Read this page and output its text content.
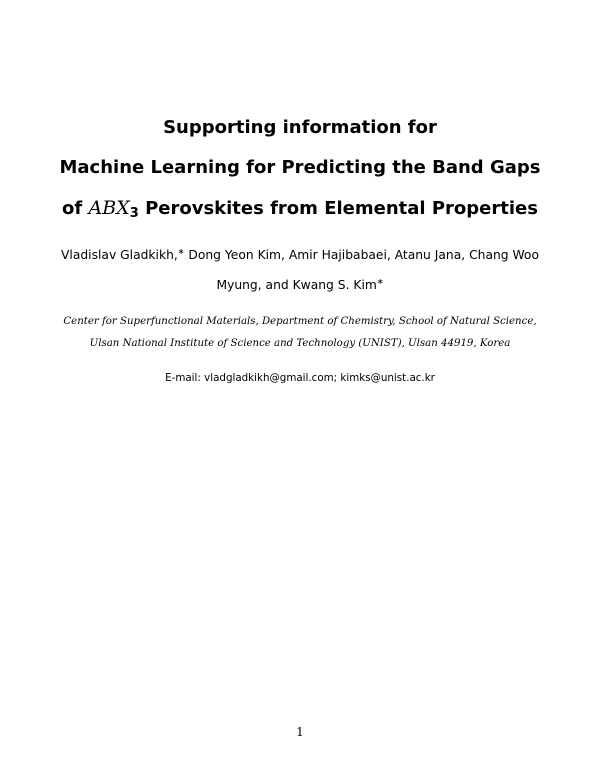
Supporting information for
Machine Learning for Predicting the Band Gaps
of $ABX_3$ Perovskites from Elemental Properties
Vladislav Gladkikh,∗ Dong Yeon Kim, Amir Hajibabaei, Atanu Jana, Chang Woo
Myung, and Kwang S. Kim∗
Center for Superfunctional Materials, Department of Chemistry, School of Natural Science,
Ulsan National Institute of Science and Technology (UNIST), Ulsan 44919, Korea
E-mail: vladgladkikh@gmail.com; kimks@unist.ac.kr
1
